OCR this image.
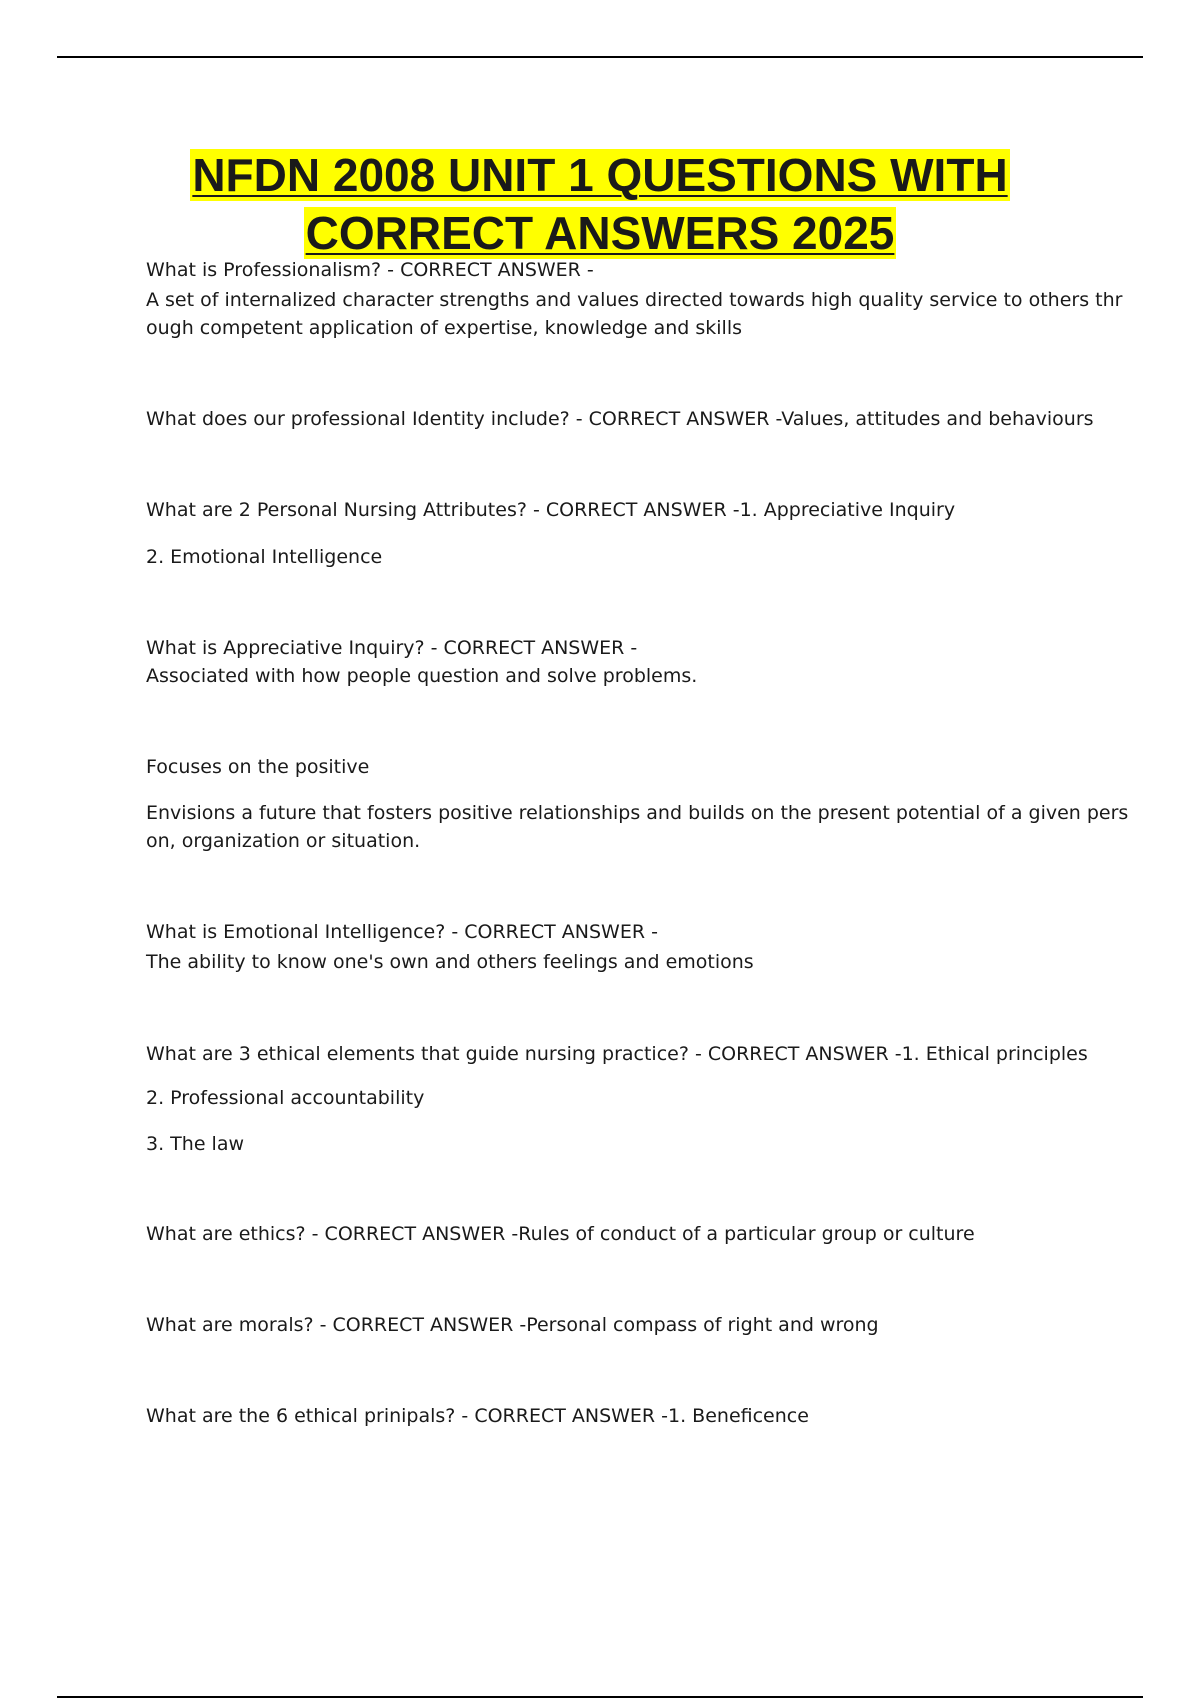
NFDN 2008 UNIT 1 QUESTIONS WITH
CORRECT ANSWERS 2025
What is Professionalism? - CORRECT ANSWER -
A set of internalized character strengths and values directed towards high quality service to others thr
ough competent application of expertise, knowledge and skills
What does our professional Identity include? - CORRECT ANSWER -Values, attitudes and behaviours
What are 2 Personal Nursing Attributes? - CORRECT ANSWER -1. Appreciative Inquiry
2. Emotional Intelligence
What is Appreciative Inquiry? - CORRECT ANSWER -
Associated with how people question and solve problems.
Focuses on the positive
Envisions a future that fosters positive relationships and builds on the present potential of a given pers
on, organization or situation.
What is Emotional Intelligence? - CORRECT ANSWER -
The ability to know one's own and others feelings and emotions
What are 3 ethical elements that guide nursing practice? - CORRECT ANSWER -1. Ethical principles
2. Professional accountability
3. The law
What are ethics? - CORRECT ANSWER -Rules of conduct of a particular group or culture
What are morals? - CORRECT ANSWER -Personal compass of right and wrong
What are the 6 ethical prinipals? - CORRECT ANSWER -1. Beneficence
